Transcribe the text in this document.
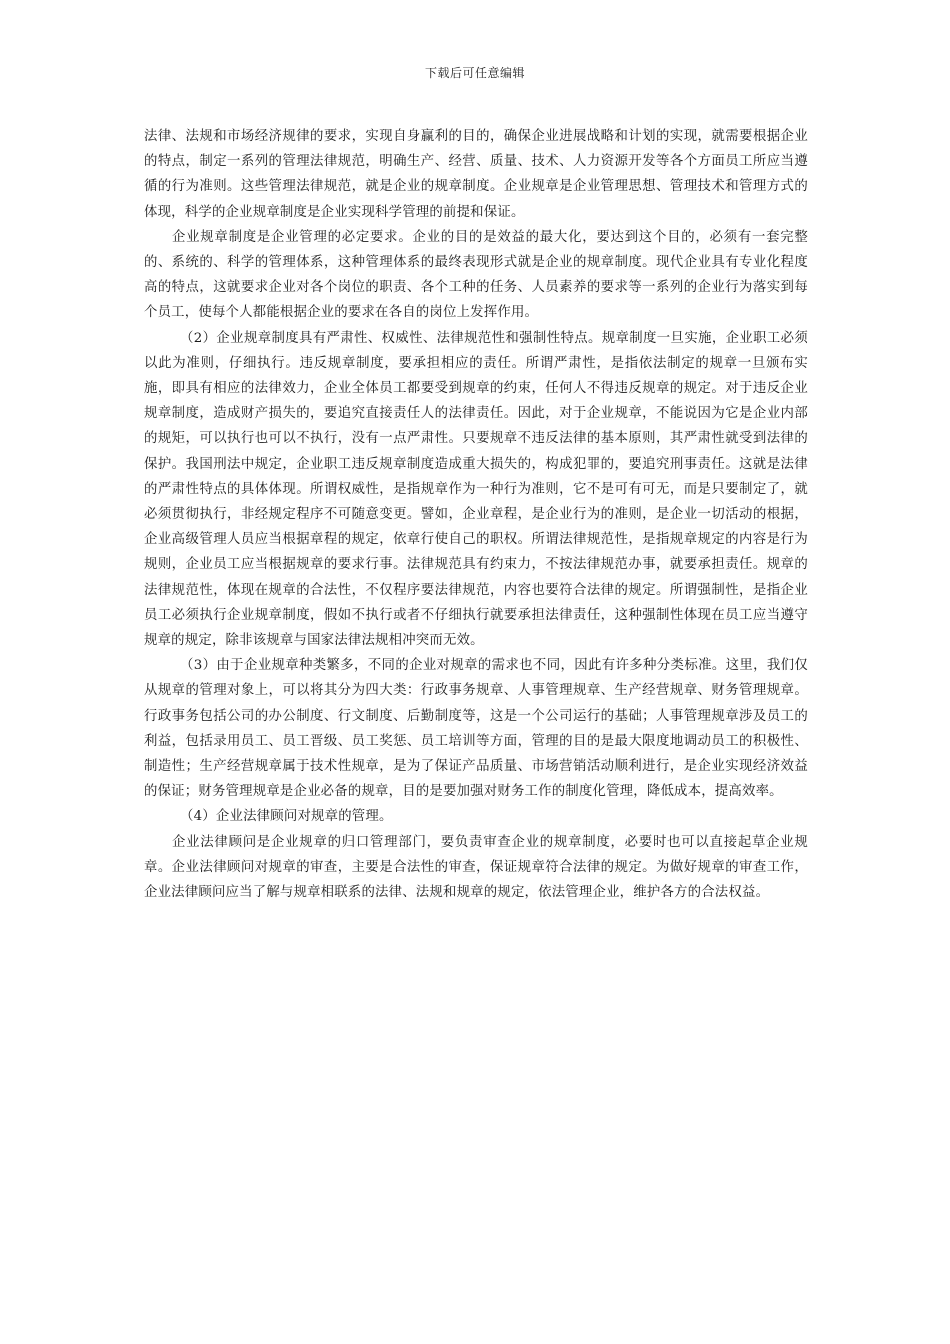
下载后可任意编辑

法律、法规和市场经济规律的要求，实现自身赢利的目的，确保企业进展战略和计划的实现，就需要根据企业的特点，制定一系列的管理法律规范，明确生产、经营、质量、技术、人力资源开发等各个方面员工所应当遵循的行为准则。这些管理法律规范，就是企业的规章制度。企业规章是企业管理思想、管理技术和管理方式的体现，科学的企业规章制度是企业实现科学管理的前提和保证。

企业规章制度是企业管理的必定要求。企业的目的是效益的最大化，要达到这个目的，必须有一套完整的、系统的、科学的管理体系，这种管理体系的最终表现形式就是企业的规章制度。现代企业具有专业化程度高的特点，这就要求企业对各个岗位的职责、各个工种的任务、人员素养的要求等一系列的企业行为落实到每个员工，使每个人都能根据企业的要求在各自的岗位上发挥作用。

（2）企业规章制度具有严肃性、权威性、法律规范性和强制性特点。规章制度一旦实施，企业职工必须以此为准则，仔细执行。违反规章制度，要承担相应的责任。所谓严肃性，是指依法制定的规章一旦颁布实施，即具有相应的法律效力，企业全体员工都要受到规章的约束，任何人不得违反规章的规定。对于违反企业规章制度，造成财产损失的，要追究直接责任人的法律责任。因此，对于企业规章，不能说因为它是企业内部的规矩，可以执行也可以不执行，没有一点严肃性。只要规章不违反法律的基本原则，其严肃性就受到法律的保护。我国刑法中规定，企业职工违反规章制度造成重大损失的，构成犯罪的，要追究刑事责任。这就是法律的严肃性特点的具体体现。所谓权威性，是指规章作为一种行为准则，它不是可有可无，而是只要制定了，就必须贯彻执行，非经规定程序不可随意变更。譬如，企业章程，是企业行为的准则，是企业一切活动的根据，企业高级管理人员应当根据章程的规定，依章行使自己的职权。所谓法律规范性，是指规章规定的内容是行为规则，企业员工应当根据规章的要求行事。法律规范具有约束力，不按法律规范办事，就要承担责任。规章的法律规范性，体现在规章的合法性，不仅程序要法律规范，内容也要符合法律的规定。所谓强制性，是指企业员工必须执行企业规章制度，假如不执行或者不仔细执行就要承担法律责任，这种强制性体现在员工应当遵守规章的规定，除非该规章与国家法律法规相冲突而无效。

（3）由于企业规章种类繁多，不同的企业对规章的需求也不同，因此有许多种分类标准。这里，我们仅从规章的管理对象上，可以将其分为四大类：行政事务规章、人事管理规章、生产经营规章、财务管理规章。行政事务包括公司的办公制度、行文制度、后勤制度等，这是一个公司运行的基础；人事管理规章涉及员工的利益，包括录用员工、员工晋级、员工奖惩、员工培训等方面，管理的目的是最大限度地调动员工的积极性、制造性；生产经营规章属于技术性规章，是为了保证产品质量、市场营销活动顺利进行，是企业实现经济效益的保证；财务管理规章是企业必备的规章，目的是要加强对财务工作的制度化管理，降低成本，提高效率。

（4）企业法律顾问对规章的管理。

企业法律顾问是企业规章的归口管理部门，要负责审查企业的规章制度，必要时也可以直接起草企业规章。企业法律顾问对规章的审查，主要是合法性的审查，保证规章符合法律的规定。为做好规章的审查工作，企业法律顾问应当了解与规章相联系的法律、法规和规章的规定，依法管理企业，维护各方的合法权益。
